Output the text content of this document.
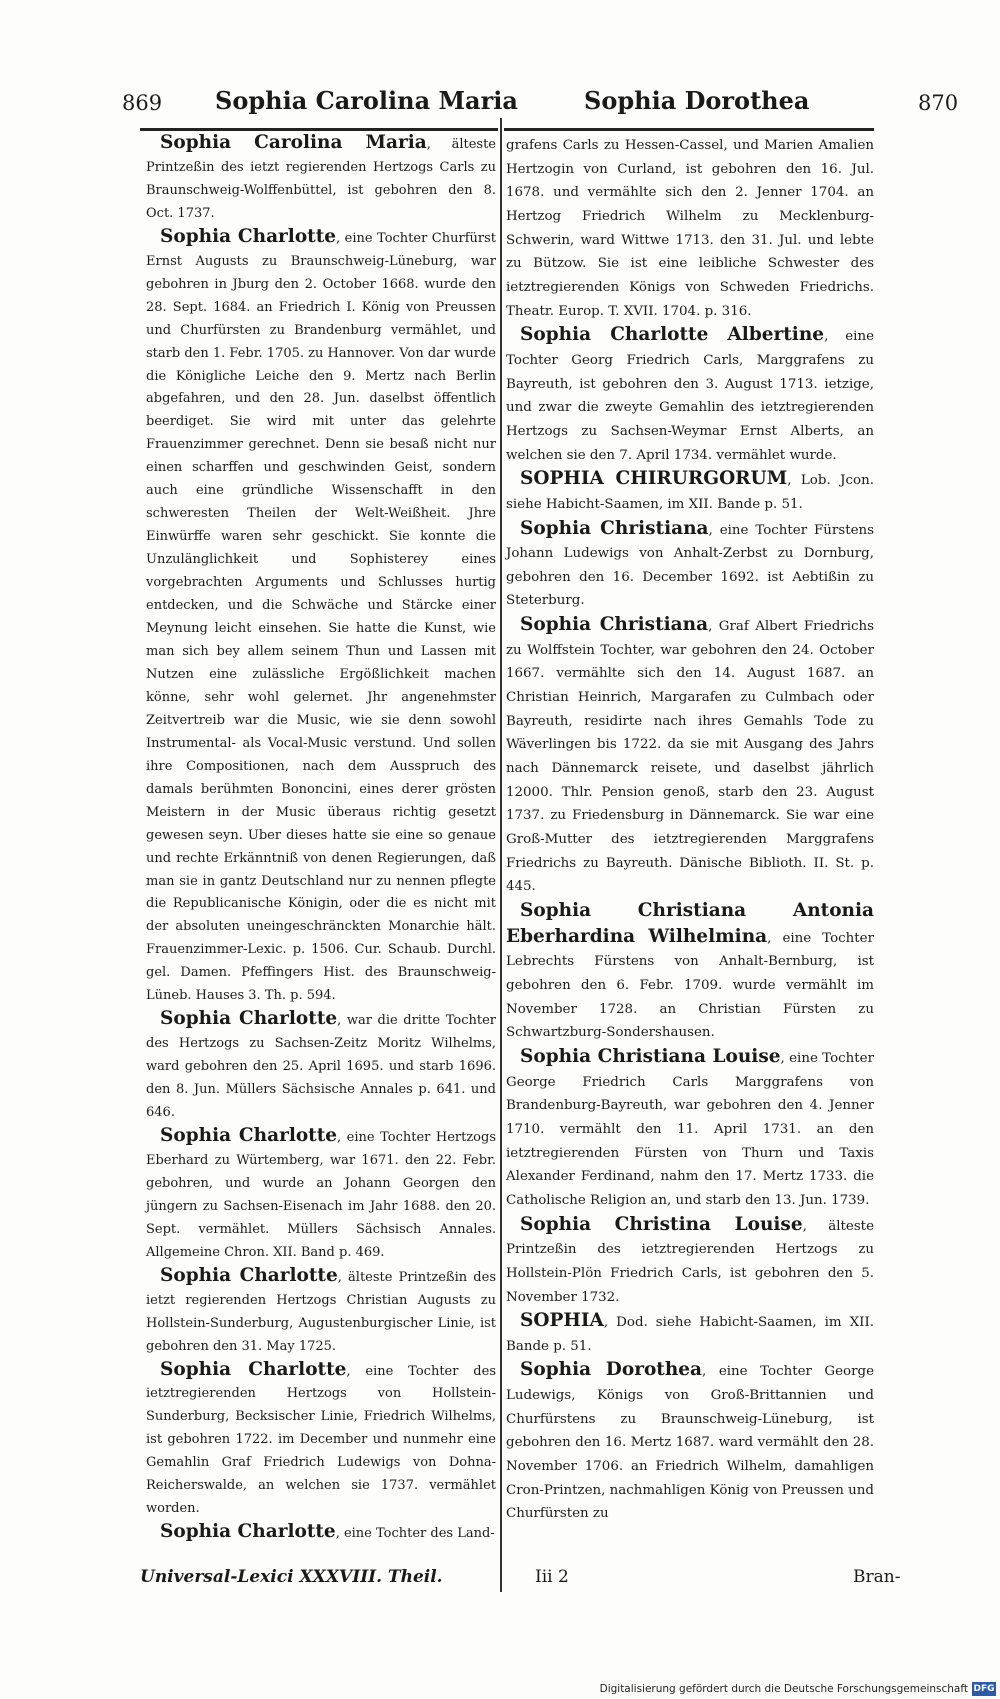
869 Sophia Carolina Maria	Sophia Dorothea	870

Sophia Carolina Maria, älteste Printzeßin des ietzt regierenden Hertzogs Carls zu Braunschweig-Wolffenbüttel, ist gebohren den 8. Oct. 1737.

Sophia Charlotte, eine Tochter Churfürst Ernst Augusts zu Braunschweig-Lüneburg, war gebohren in Jburg den 2. October 1668. wurde den 28. Sept. 1684. an Friedrich I. König von Preussen und Churfürsten zu Brandenburg vermählet, und starb den 1. Febr. 1705. zu Hannover. Von dar wurde die Königliche Leiche den 9. Mertz nach Berlin abgefahren, und den 28. Jun. daselbst öffentlich beerdiget. Sie wird mit unter das gelehrte Frauenzimmer gerechnet. Denn sie besaß nicht nur einen scharffen und geschwinden Geist, sondern auch eine gründliche Wissenschafft in den schweresten Theilen der Welt-Weißheit. Jhre Einwürffe waren sehr geschickt. Sie konnte die Unzulänglichkeit und Sophisterey eines vorgebrachten Arguments und Schlusses hurtig entdecken, und die Schwäche und Stärcke einer Meynung leicht einsehen. Sie hatte die Kunst, wie man sich bey allem seinem Thun und Lassen mit Nutzen eine zulässliche Ergößlichkeit machen könne, sehr wohl gelernet. Jhr angenehmster Zeitvertreib war die Music, wie sie denn sowohl Instrumental- als Vocal-Music verstund. Und sollen ihre Compositionen, nach dem Ausspruch des damals berühmten Bononcini, eines derer grösten Meistern in der Music überaus richtig gesetzt gewesen seyn. Uber dieses hatte sie eine so genaue und rechte Erkänntniß von denen Regierungen, daß man sie in gantz Deutschland nur zu nennen pflegte die Republicanische Königin, oder die es nicht mit der absoluten uneingeschränckten Monarchie hält. Frauenzimmer-Lexic. p. 1506. Cur. Schaub. Durchl. gel. Damen. Pfeffingers Hist. des Braunschweig-Lüneb. Hauses 3. Th. p. 594.

Sophia Charlotte, war die dritte Tochter des Hertzogs zu Sachsen-Zeitz Moritz Wilhelms, ward gebohren den 25. April 1695. und starb 1696. den 8. Jun. Müllers Sächsische Annales p. 641. und 646.

Sophia Charlotte, eine Tochter Hertzogs Eberhard zu Würtemberg, war 1671. den 22. Febr. gebohren, und wurde an Johann Georgen den jüngern zu Sachsen-Eisenach im Jahr 1688. den 20. Sept. vermählet. Müllers Sächsisch Annales. Allgemeine Chron. XII. Band p. 469.

Sophia Charlotte, älteste Printzeßin des ietzt regierenden Hertzogs Christian Augusts zu Hollstein-Sunderburg, Augustenburgischer Linie, ist gebohren den 31. May 1725.

Sophia Charlotte, eine Tochter des ietztregierenden Hertzogs von Hollstein-Sunderburg, Becksischer Linie, Friedrich Wilhelms, ist gebohren 1722. im December und nunmehr eine Gemahlin Graf Friedrich Ludewigs von Dohna-Reicherswalde, an welchen sie 1737. vermählet worden.

Sophia Charlotte, eine Tochter des Land-

grafens Carls zu Hessen-Cassel, und Marien Amalien Hertzogin von Curland, ist gebohren den 16. Jul. 1678. und vermählte sich den 2. Jenner 1704. an Hertzog Friedrich Wilhelm zu Mecklenburg-Schwerin, ward Wittwe 1713. den 31. Jul. und lebte zu Bützow. Sie ist eine leibliche Schwester des ietztregierenden Königs von Schweden Friedrichs. Theatr. Europ. T. XVII. 1704. p. 316.

Sophia Charlotte Albertine, eine Tochter Georg Friedrich Carls, Marggrafens zu Bayreuth, ist gebohren den 3. August 1713. ietzige, und zwar die zweyte Gemahlin des ietztregierenden Hertzogs zu Sachsen-Weymar Ernst Alberts, an welchen sie den 7. April 1734. vermählet wurde.

SOPHIA CHIRURGORUM, Lob. Jcon. siehe Habicht-Saamen, im XII. Bande p. 51.

Sophia Christiana, eine Tochter Fürstens Johann Ludewigs von Anhalt-Zerbst zu Dornburg, gebohren den 16. December 1692. ist Aebtißin zu Steterburg.

Sophia Christiana, Graf Albert Friedrichs zu Wolffstein Tochter, war gebohren den 24. October 1667. vermählte sich den 14. August 1687. an Christian Heinrich, Margarafen zu Culmbach oder Bayreuth, residirte nach ihres Gemahls Tode zu Wäverlingen bis 1722. da sie mit Ausgang des Jahrs nach Dännemarck reisete, und daselbst jährlich 12000. Thlr. Pension genoß, starb den 23. August 1737. zu Friedensburg in Dännemarck. Sie war eine Groß-Mutter des ietztregierenden Marggrafens Friedrichs zu Bayreuth. Dänische Biblioth. II. St. p. 445.

Sophia Christiana Antonia Eberhardina Wilhelmina, eine Tochter Lebrechts Fürstens von Anhalt-Bernburg, ist gebohren den 6. Febr. 1709. wurde vermählt im November 1728. an Christian Fürsten zu Schwartzburg-Sondershausen.

Sophia Christiana Louise, eine Tochter George Friedrich Carls Marggrafens von Brandenburg-Bayreuth, war gebohren den 4. Jenner 1710. vermählt den 11. April 1731. an den ietztregierenden Fürsten von Thurn und Taxis Alexander Ferdinand, nahm den 17. Mertz 1733. die Catholische Religion an, und starb den 13. Jun. 1739.

Sophia Christina Louise, älteste Printzeßin des ietztregierenden Hertzogs zu Hollstein-Plön Friedrich Carls, ist gebohren den 5. November 1732.

SOPHIA, Dod. siehe Habicht-Saamen, im XII. Bande p. 51.

Sophia Dorothea, eine Tochter George Ludewigs, Königs von Groß-Brittannien und Churfürstens zu Braunschweig-Lüneburg, ist gebohren den 16. Mertz 1687. ward vermählt den 28. November 1706. an Friedrich Wilhelm, damahligen Cron-Printzen, nachmahligen König von Preussen und Churfürsten zu

Universal-Lexici XXXVIII. Theil.	Iii 2	Bran-
Digitalisierung gefördert durch die Deutsche Forschungsgemeinschaft DFG
